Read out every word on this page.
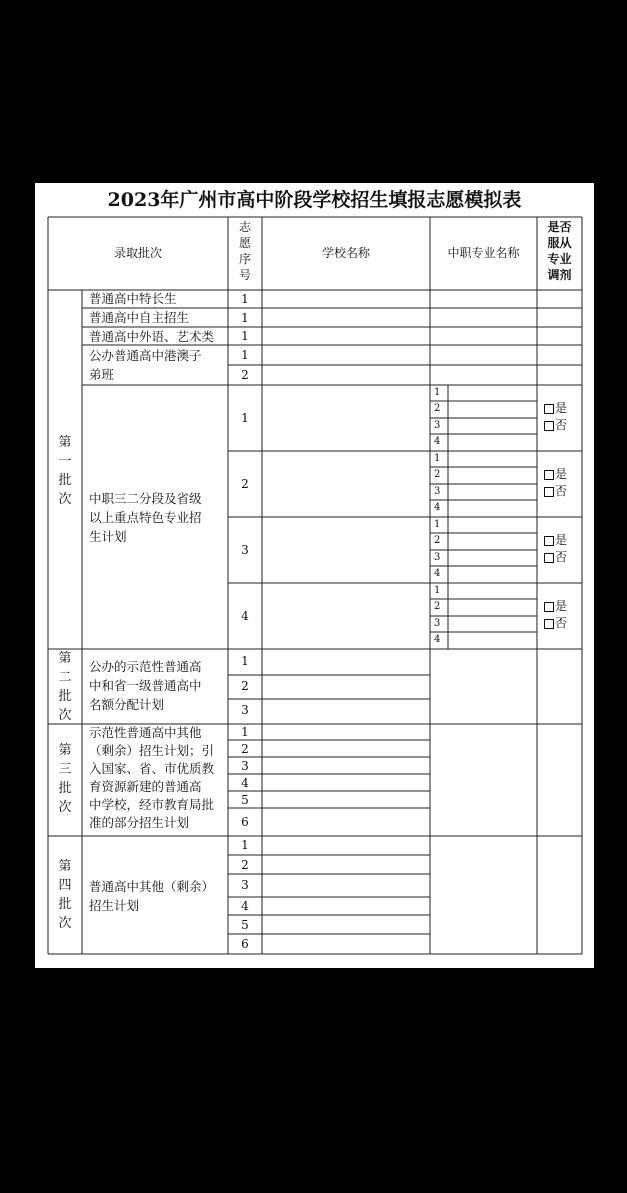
2023年广州市高中阶段学校招生填报志愿模拟表
录取批次
志
愿
序
号
学校名称	中职专业名称
是否
服从
专业
调剂
第
一
批
次
第
二
批
次
第
三
批
次
第
四
批
次
普通高中特长生
普通高中自主招生
普通高中外语、艺术类
公办普通高中港澳子
弟班
中职三二分段及省级
以上重点特色专业招
生计划
公办的示范性普通高
中和省一级普通高中
名额分配计划
示范性普通高中其他
（剩余）招生计划；引
入国家、省、市优质教
育资源新建的普通高
中学校，经市教育局批
准的部分招生计划
普通高中其他（剩余）
招生计划
1
1
1
1
2
1
2
3
4
1
2
3
1
2
3
4
5
6
1
2
3
4
5
6
1
2
3
4
1
2
3
4
1
2
3
4
1
2
3
4
是
否
是
否
是
否
是
否
